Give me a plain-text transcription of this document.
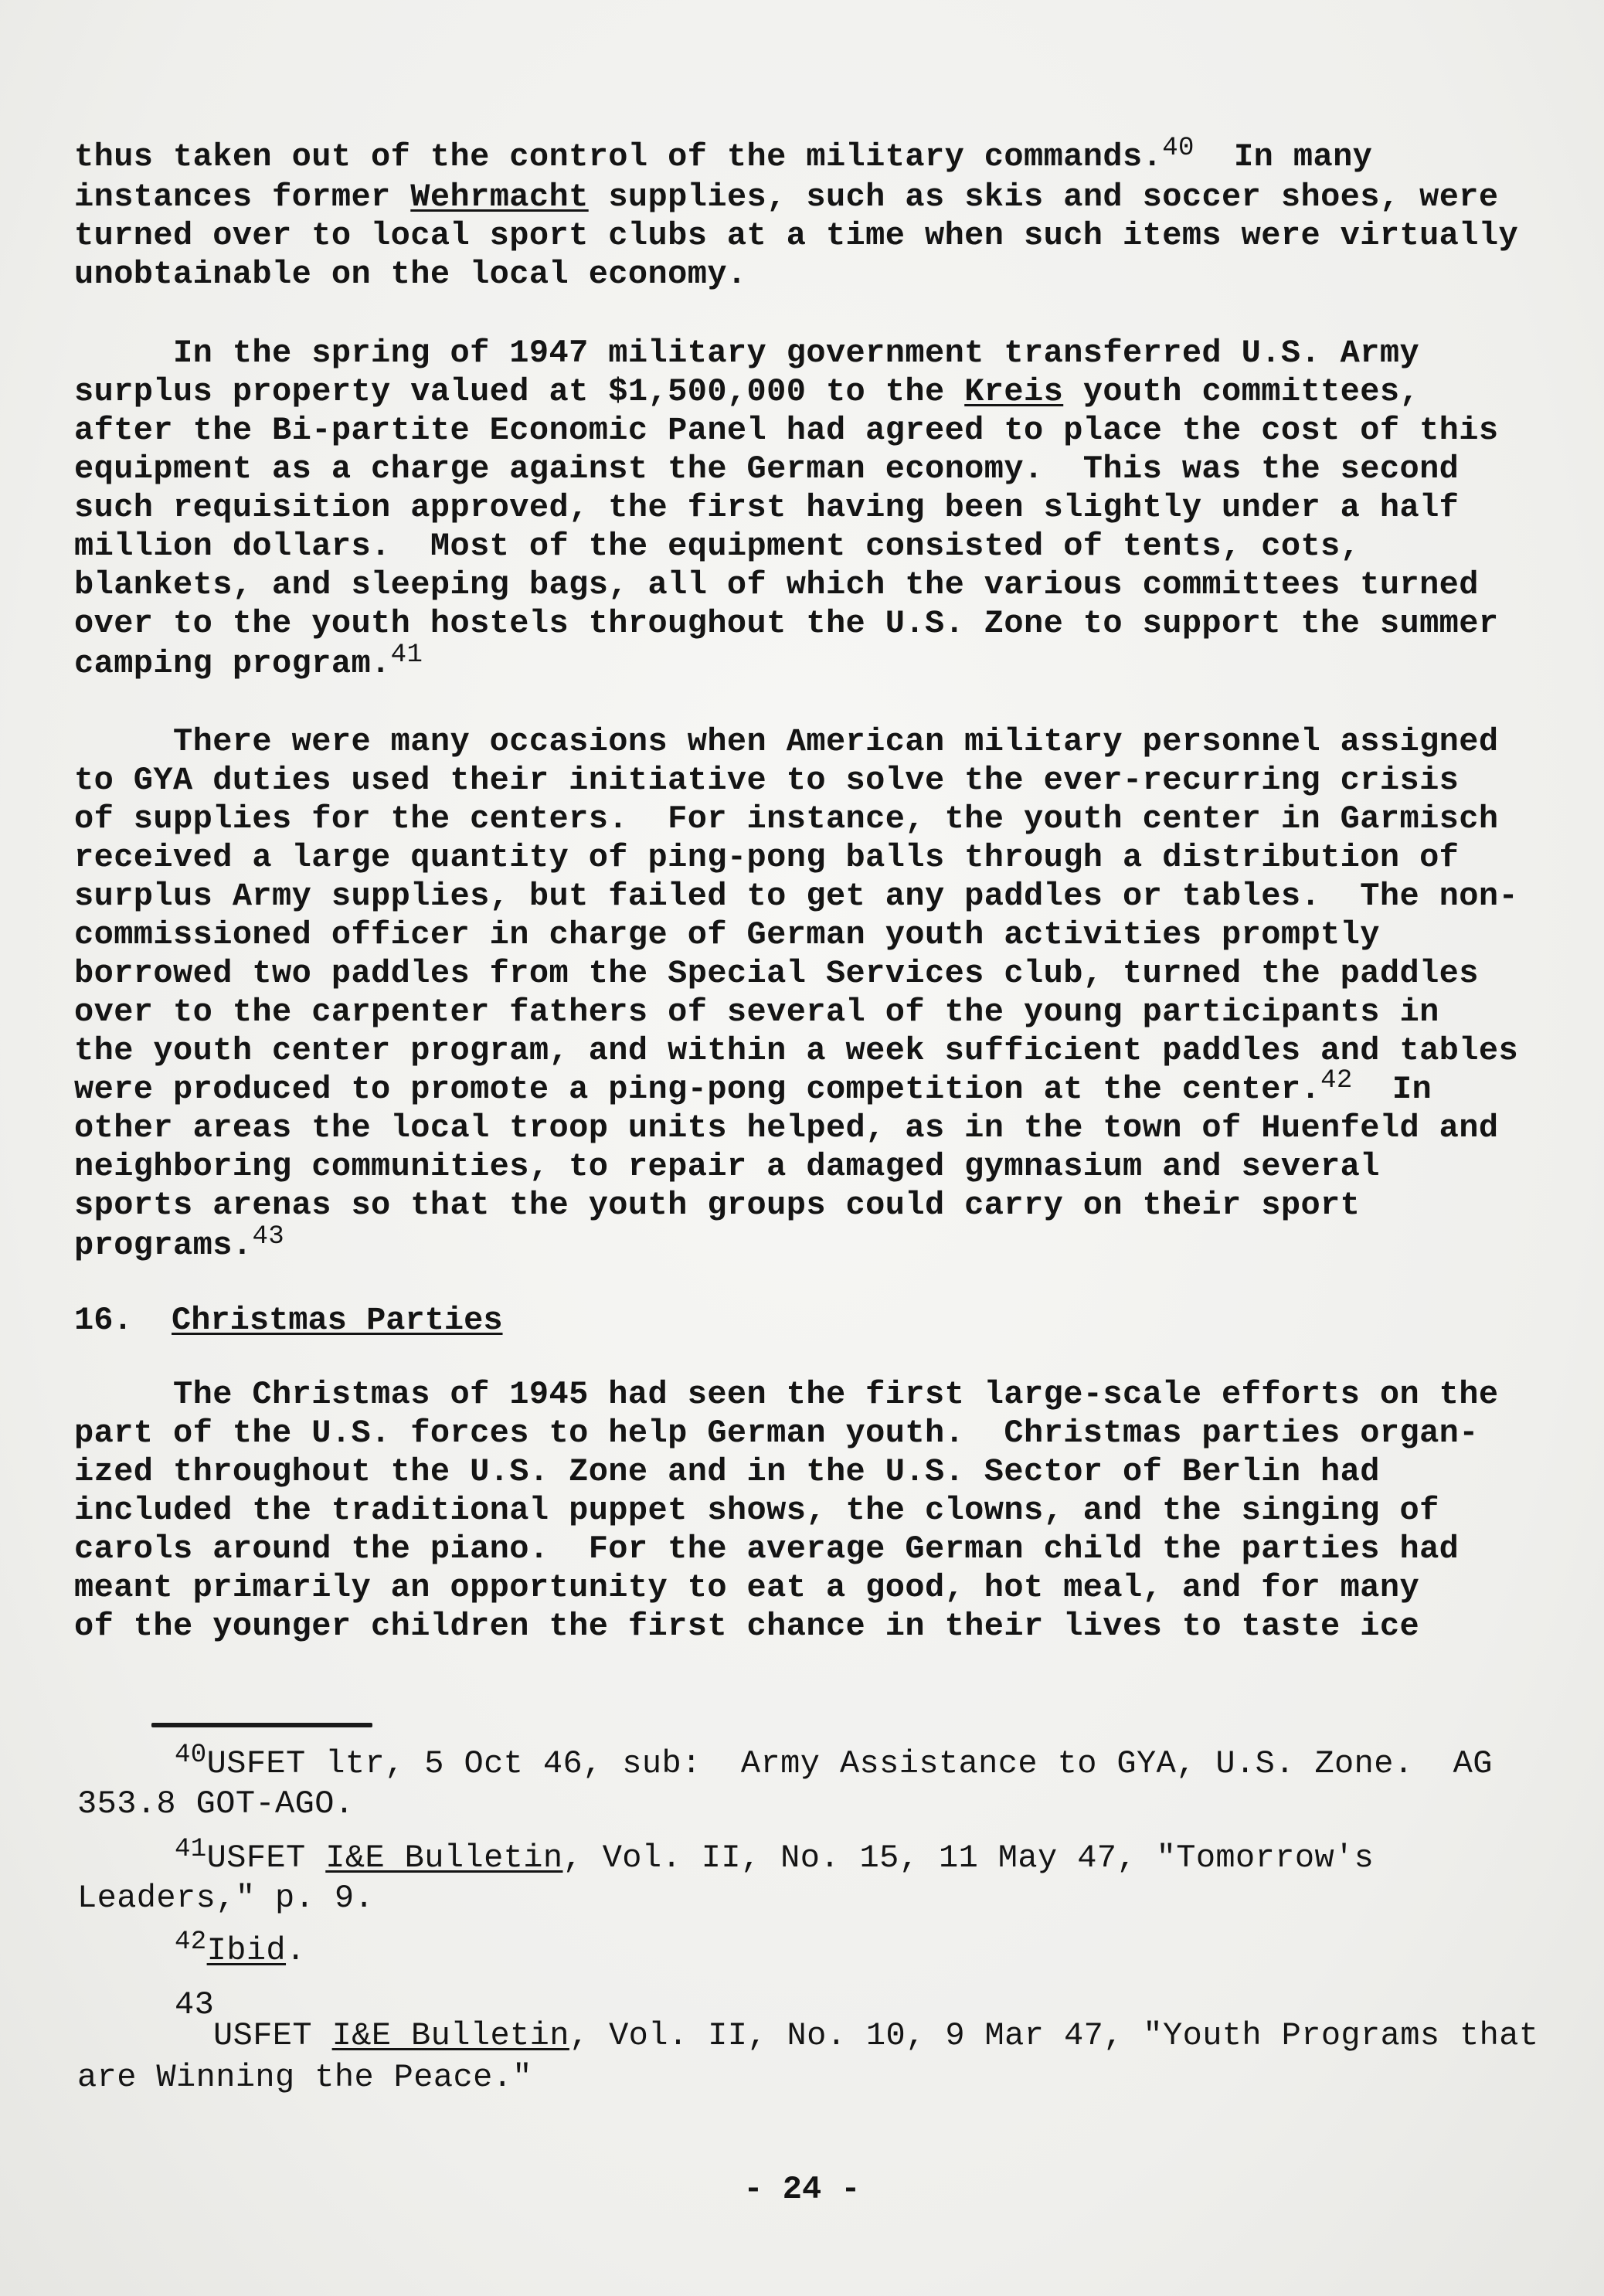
thus taken out of the control of the military commands.$^{40}$  In many
instances former Wehrmacht supplies, such as skis and soccer shoes, were
turned over to local sport clubs at a time when such items were virtually
unobtainable on the local economy.
In the spring of 1947 military government transferred U.S. Army
surplus property valued at $1,500,000 to the Kreis youth committees,
after the Bi-partite Economic Panel had agreed to place the cost of this
equipment as a charge against the German economy.  This was the second
such requisition approved, the first having been slightly under a half
million dollars.  Most of the equipment consisted of tents, cots,
blankets, and sleeping bags, all of which the various committees turned
over to the youth hostels throughout the U.S. Zone to support the summer
camping program.$^{41}$
There were many occasions when American military personnel assigned
to GYA duties used their initiative to solve the ever-recurring crisis
of supplies for the centers.  For instance, the youth center in Garmisch
received a large quantity of ping-pong balls through a distribution of
surplus Army supplies, but failed to get any paddles or tables.  The non-
commissioned officer in charge of German youth activities promptly
borrowed two paddles from the Special Services club, turned the paddles
over to the carpenter fathers of several of the young participants in
the youth center program, and within a week sufficient paddles and tables
were produced to promote a ping-pong competition at the center.$^{42}$  In
other areas the local troop units helped, as in the town of Huenfeld and
neighboring communities, to repair a damaged gymnasium and several
sports arenas so that the youth groups could carry on their sport
programs.$^{43}$
16. Christmas Parties
The Christmas of 1945 had seen the first large-scale efforts on the
part of the U.S. forces to help German youth.  Christmas parties organ-
ized throughout the U.S. Zone and in the U.S. Sector of Berlin had
included the traditional puppet shows, the clowns, and the singing of
carols around the piano.  For the average German child the parties had
meant primarily an opportunity to eat a good, hot meal, and for many
of the younger children the first chance in their lives to taste ice
$^{40}$USFET ltr, 5 Oct 46, sub:  Army Assistance to GYA, U.S. Zone.  AG
353.8 GOT-AGO.
$^{41}$USFET I&E Bulletin, Vol. II, No. 15, 11 May 47, "Tomorrow's
Leaders," p. 9.
$^{42}$Ibid.
43
USFET I&E Bulletin, Vol. II, No. 10, 9 Mar 47, "Youth Programs that
are Winning the Peace."
- 24 -
